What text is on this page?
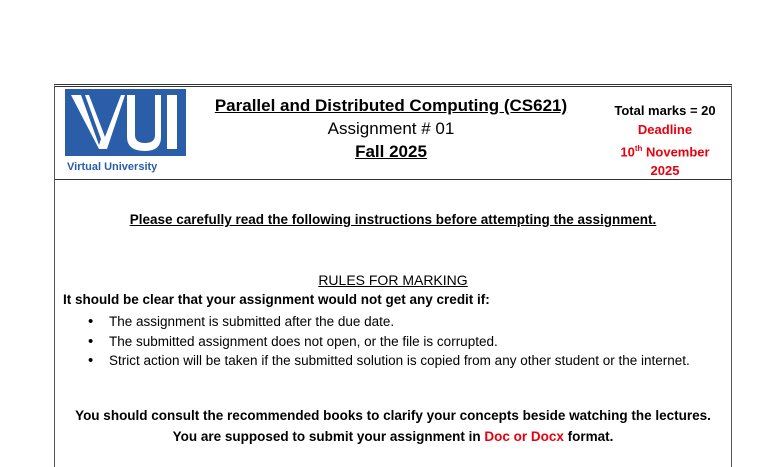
Virtual University
Parallel and Distributed Computing (CS621)
Assignment # 01
Fall 2025
Total marks = 20
Deadline
10th November
2025
Please carefully read the following instructions before attempting the assignment.
RULES FOR MARKING
It should be clear that your assignment would not get any credit if:
• The assignment is submitted after the due date.
• The submitted assignment does not open, or the file is corrupted.
• Strict action will be taken if the submitted solution is copied from any other student or the internet.
You should consult the recommended books to clarify your concepts beside watching the lectures.
You are supposed to submit your assignment in Doc or Docx format.
